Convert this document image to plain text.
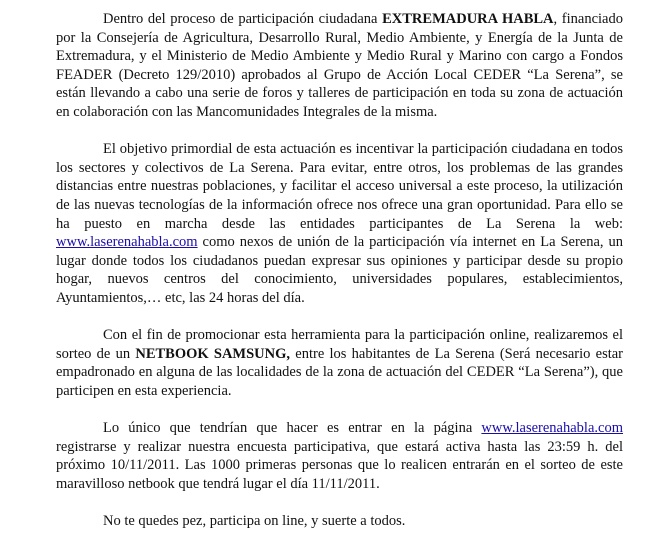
Dentro del proceso de participación ciudadana EXTREMADURA HABLA, financiado por la Consejería de Agricultura, Desarrollo Rural, Medio Ambiente, y Energía de la Junta de Extremadura, y el Ministerio de Medio Ambiente y Medio Rural y Marino con cargo a Fondos FEADER (Decreto 129/2010) aprobados al Grupo de Acción Local CEDER “La Serena”, se están llevando a cabo una serie de foros y talleres de participación en toda su zona de actuación en colaboración con las Mancomunidades Integrales de la misma.

El objetivo primordial de esta actuación es incentivar la participación ciudadana en todos los sectores y colectivos de La Serena. Para evitar, entre otros, los problemas de las grandes distancias entre nuestras poblaciones, y facilitar el acceso universal a este proceso, la utilización de las nuevas tecnologías de la información ofrece nos ofrece una gran oportunidad. Para ello se ha puesto en marcha desde las entidades participantes de La Serena la web: www.laserenahabla.com como nexos de unión de la participación vía internet en La Serena, un lugar donde todos los ciudadanos puedan expresar sus opiniones y participar desde su propio hogar, nuevos centros del conocimiento, universidades populares, establecimientos, Ayuntamientos,… etc, las 24 horas del día.

Con el fin de promocionar esta herramienta para la participación online, realizaremos el sorteo de un NETBOOK SAMSUNG, entre los habitantes de La Serena (Será necesario estar empadronado en alguna de las localidades de la zona de actuación del CEDER “La Serena”), que participen en esta experiencia.

Lo único que tendrían que hacer es entrar en la página www.laserenahabla.com registrarse y realizar nuestra encuesta participativa, que estará activa hasta las 23:59 h. del próximo 10/11/2011. Las 1000 primeras personas que lo realicen entrarán en el sorteo de este maravilloso netbook que tendrá lugar el día 11/11/2011.

No te quedes pez, participa on line, y suerte a todos.
